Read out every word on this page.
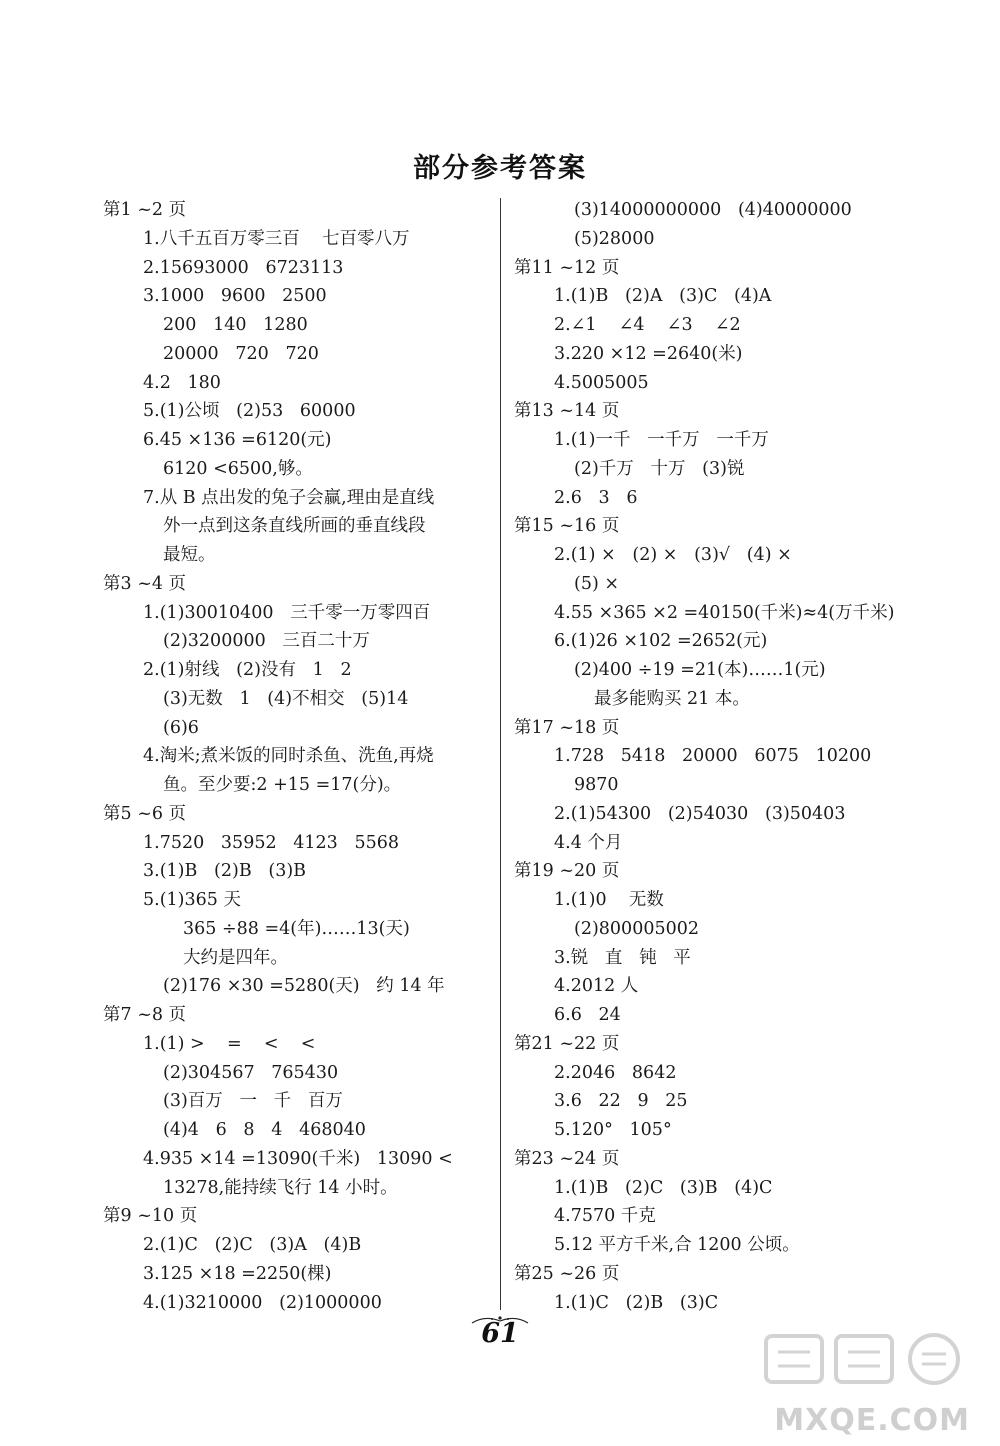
部分参考答案
第1 ~2 页
1.八千五百万零三百    七百零八万
2.15693000   6723113
3.1000   9600   2500
200   140   1280
20000   720   720
4.2   180
5.(1)公顷   (2)53   60000
6.45 ×136 =6120(元)
6120 <6500,够。
7.从 B 点出发的兔子会赢,理由是直线
外一点到这条直线所画的垂直线段
最短。
第3 ~4 页
1.(1)30010400   三千零一万零四百
(2)3200000   三百二十万
2.(1)射线   (2)没有   1   2
(3)无数   1   (4)不相交   (5)14
(6)6
4.淘米;煮米饭的同时杀鱼、洗鱼,再烧
鱼。至少要:2 +15 =17(分)。
第5 ~6 页
1.7520   35952   4123   5568
3.(1)B   (2)B   (3)B
5.(1)365 天
365 ÷88 =4(年)……13(天)
大约是四年。
(2)176 ×30 =5280(天)   约 14 年
第7 ~8 页
1.(1) >    =    <    <
(2)304567   765430
(3)百万   一   千   百万
(4)4   6   8   4   468040
4.935 ×14 =13090(千米)   13090 <
13278,能持续飞行 14 小时。
第9 ~10 页
2.(1)C   (2)C   (3)A   (4)B
3.125 ×18 =2250(棵)
4.(1)3210000   (2)1000000
(3)14000000000   (4)40000000
(5)28000
第11 ~12 页
1.(1)B   (2)A   (3)C   (4)A
2.∠1    ∠4    ∠3    ∠2
3.220 ×12 =2640(米)
4.5005005
第13 ~14 页
1.(1)一千   一千万   一千万
(2)千万   十万   (3)锐
2.6   3   6
第15 ~16 页
2.(1) ×   (2) ×   (3)√   (4) ×
(5) ×
4.55 ×365 ×2 =40150(千米)≈4(万千米)
6.(1)26 ×102 =2652(元)
(2)400 ÷19 =21(本)……1(元)
最多能购买 21 本。
第17 ~18 页
1.728   5418   20000   6075   10200
9870
2.(1)54300   (2)54030   (3)50403
4.4 个月
第19 ~20 页
1.(1)0    无数
(2)800005002
3.锐   直   钝   平
4.2012 人
6.6   24
第21 ~22 页
2.2046   8642
3.6   22   9   25
5.120°   105°
第23 ~24 页
1.(1)B   (2)C   (3)B   (4)C
4.7570 千克
5.12 平方千米,合 1200 公顷。
第25 ~26 页
1.(1)C   (2)B   (3)C
61
MXQE.COM
